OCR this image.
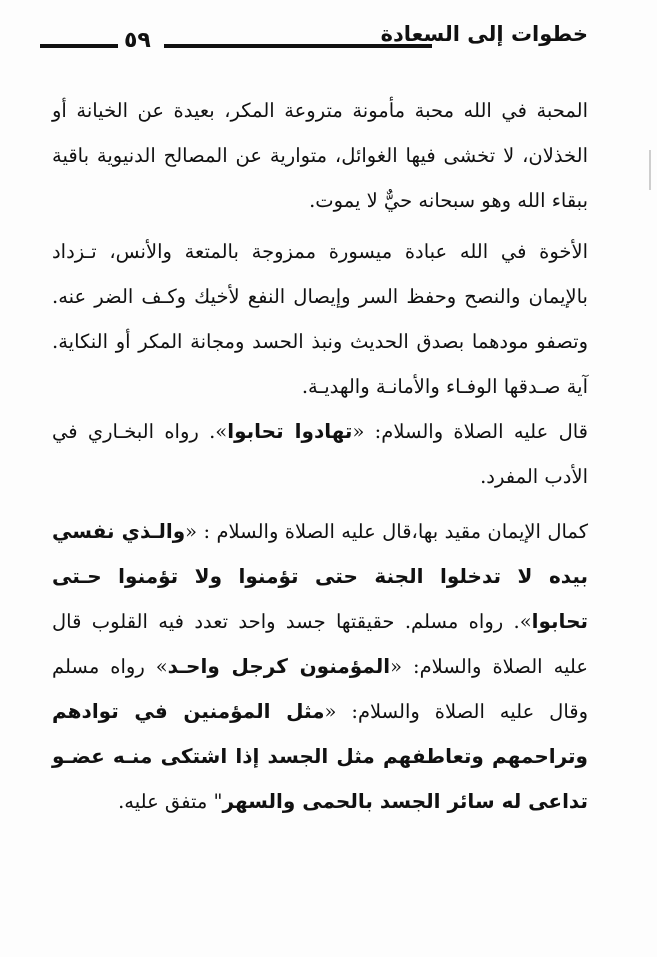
٥٩	خطوات إلى السعادة

المحبة في الله محبة مأمونة متروعة المكر، بعيدة عن الخيانة أو الخذلان، لا تخشى فيها الغوائل، متوارية عن المصالح الدنيوية باقية ببقاء الله وهو سبحانه حيٌّ لا يموت.

الأخوة في الله عبادة ميسورة ممزوجة بالمتعة والأنس، تـزداد بالإيمان والنصح وحفظ السر وإيصال النفع لأخيك وكـف الضر عنه. وتصفو مودهما بصدق الحديث ونبذ الحسد ومجانة المكر أو النكاية. آية صـدقها الوفـاء والأمانـة والهديـة.

قال عليه الصلاة والسلام: «تهادوا تحابوا». رواه البخـاري في الأدب المفرد.

كمال الإيمان مقيد بها،قال عليه الصلاة والسلام : «والـذي نفسي بيده لا تدخلوا الجنة حتى تؤمنوا ولا تؤمنوا حـتى تحابوا». رواه مسلم. حقيقتها جسد واحد تعدد فيه القلوب قال عليه الصلاة والسلام: «المؤمنون كرجل واحـد» رواه مسلم وقال عليه الصلاة والسلام: «مثل المؤمنين في توادهم وتراحمهم وتعاطفهم مثل الجسد إذا اشتكى منـه عضـو تداعى له سائر الجسد بالحمى والسهر" متفق عليه.
